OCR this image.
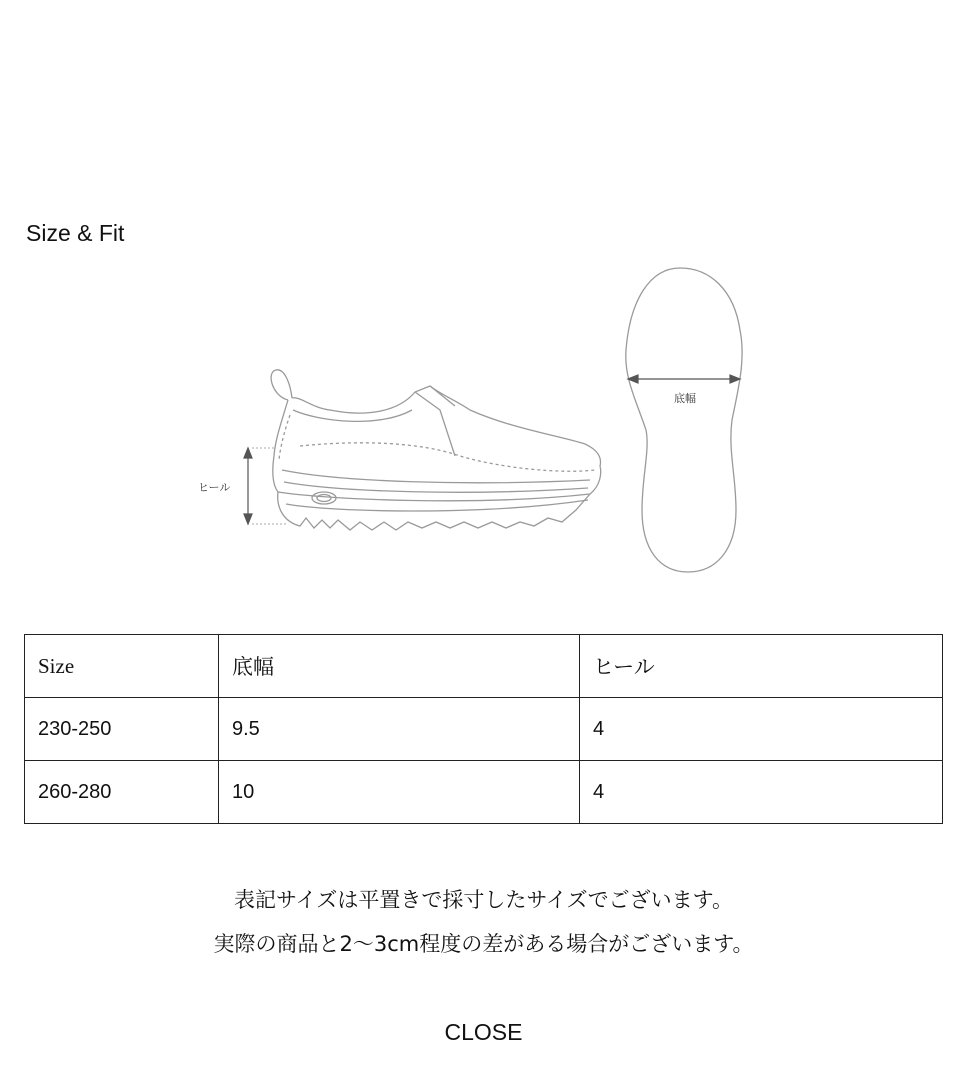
Size & Fit
ヒール
底幅
Size	底幅	ヒール
230-250	9.5	4
260-280	10	4
表記サイズは平置きで採寸したサイズでございます。
実際の商品と2〜3cm程度の差がある場合がございます。
CLOSE
